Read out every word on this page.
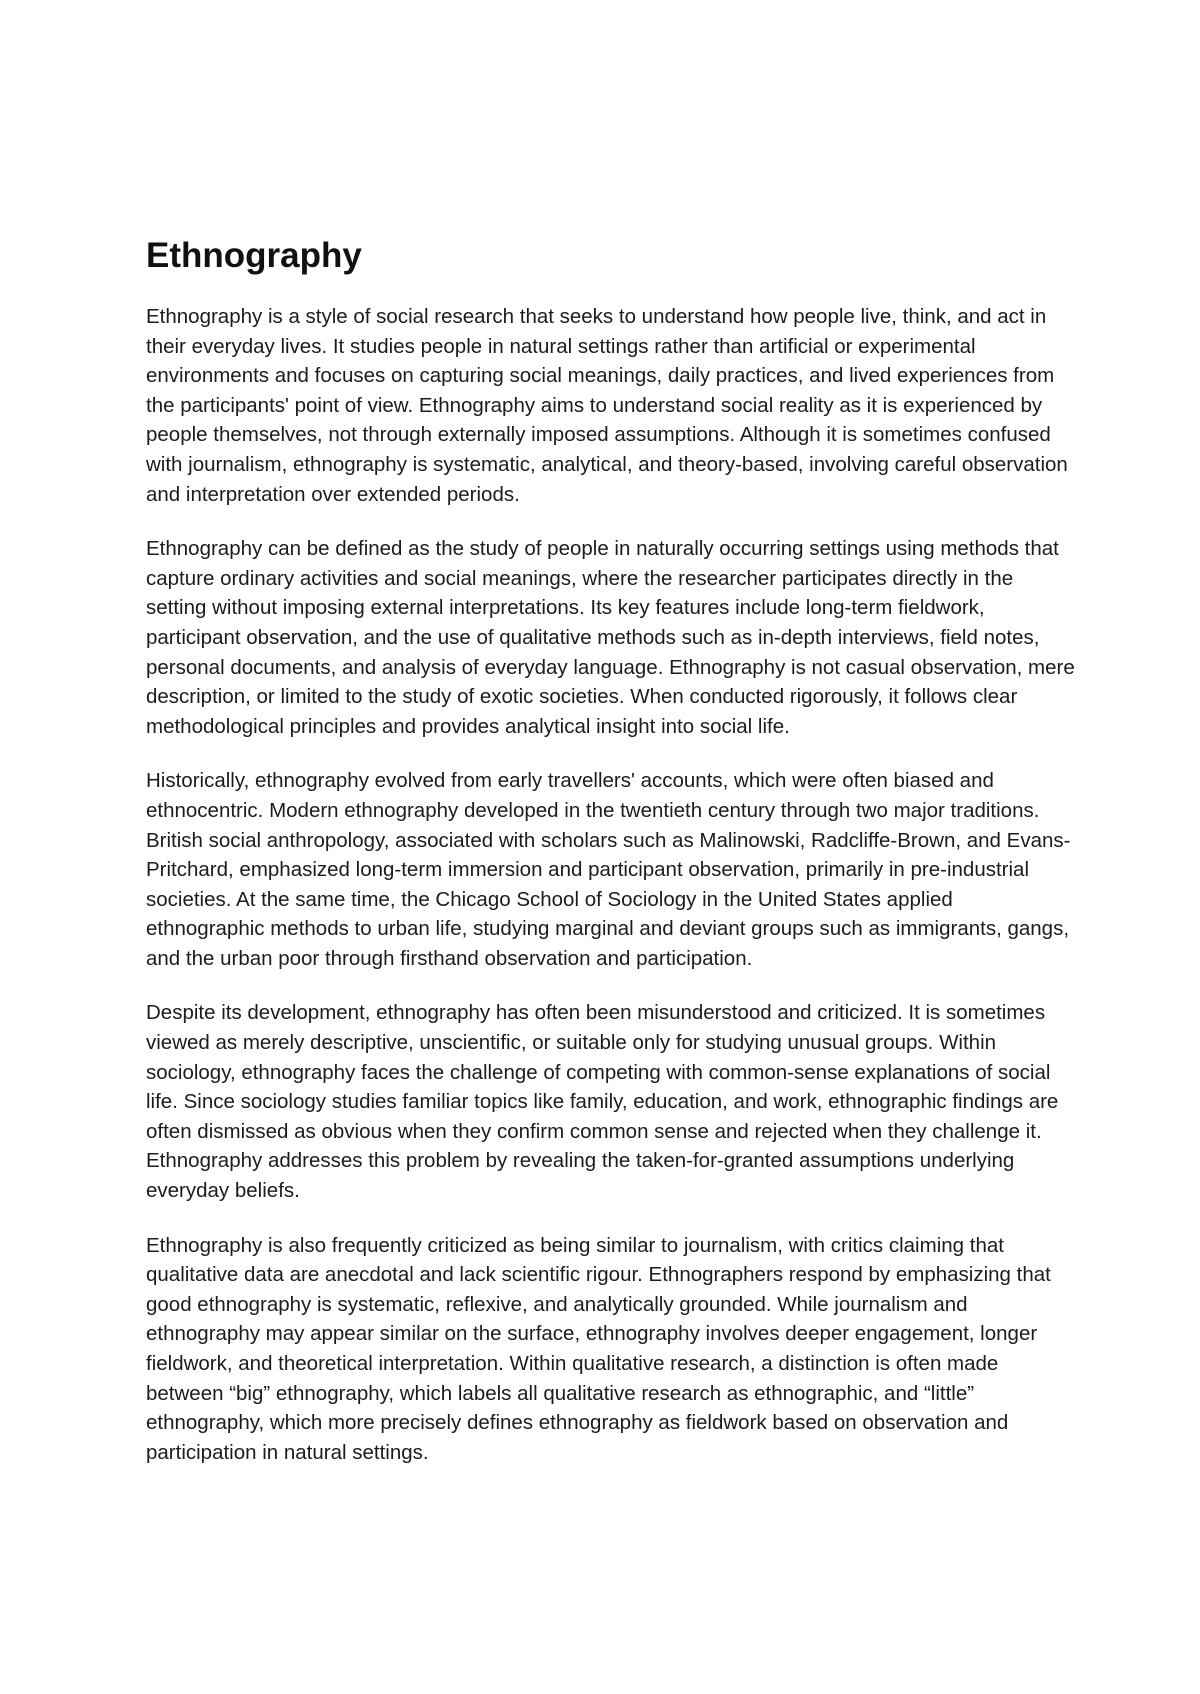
Ethnography

Ethnography is a style of social research that seeks to understand how people live, think, and act in their everyday lives. It studies people in natural settings rather than artificial or experimental environments and focuses on capturing social meanings, daily practices, and lived experiences from the participants' point of view. Ethnography aims to understand social reality as it is experienced by people themselves, not through externally imposed assumptions. Although it is sometimes confused with journalism, ethnography is systematic, analytical, and theory-based, involving careful observation and interpretation over extended periods.

Ethnography can be defined as the study of people in naturally occurring settings using methods that capture ordinary activities and social meanings, where the researcher participates directly in the setting without imposing external interpretations. Its key features include long-term fieldwork, participant observation, and the use of qualitative methods such as in-depth interviews, field notes, personal documents, and analysis of everyday language. Ethnography is not casual observation, mere description, or limited to the study of exotic societies. When conducted rigorously, it follows clear methodological principles and provides analytical insight into social life.

Historically, ethnography evolved from early travellers' accounts, which were often biased and ethnocentric. Modern ethnography developed in the twentieth century through two major traditions. British social anthropology, associated with scholars such as Malinowski, Radcliffe-Brown, and Evans-Pritchard, emphasized long-term immersion and participant observation, primarily in pre-industrial societies. At the same time, the Chicago School of Sociology in the United States applied ethnographic methods to urban life, studying marginal and deviant groups such as immigrants, gangs, and the urban poor through firsthand observation and participation.

Despite its development, ethnography has often been misunderstood and criticized. It is sometimes viewed as merely descriptive, unscientific, or suitable only for studying unusual groups. Within sociology, ethnography faces the challenge of competing with common-sense explanations of social life. Since sociology studies familiar topics like family, education, and work, ethnographic findings are often dismissed as obvious when they confirm common sense and rejected when they challenge it. Ethnography addresses this problem by revealing the taken-for-granted assumptions underlying everyday beliefs.

Ethnography is also frequently criticized as being similar to journalism, with critics claiming that qualitative data are anecdotal and lack scientific rigour. Ethnographers respond by emphasizing that good ethnography is systematic, reflexive, and analytically grounded. While journalism and ethnography may appear similar on the surface, ethnography involves deeper engagement, longer fieldwork, and theoretical interpretation. Within qualitative research, a distinction is often made between “big” ethnography, which labels all qualitative research as ethnographic, and “little” ethnography, which more precisely defines ethnography as fieldwork based on observation and participation in natural settings.
